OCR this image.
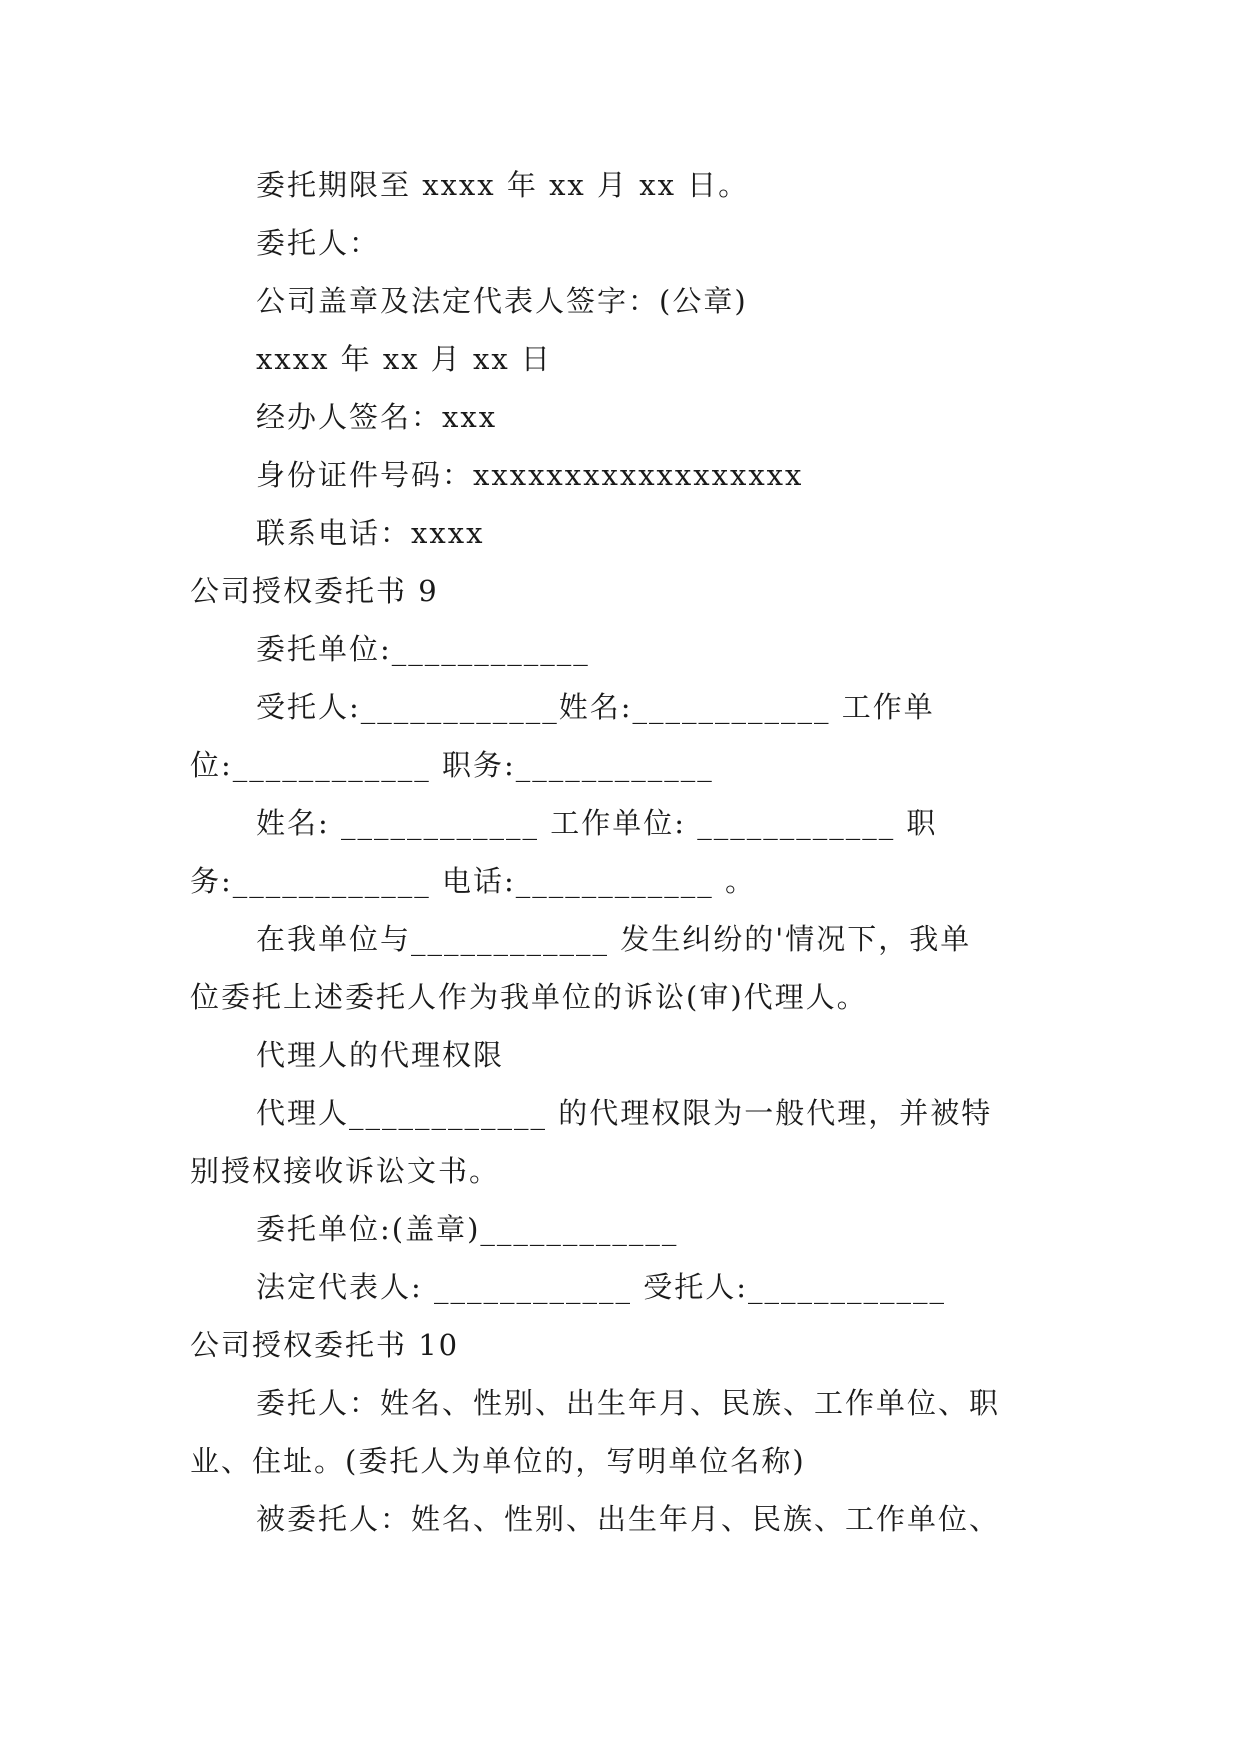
委托期限至 xxxx 年 xx 月 xx 日。
委托人：
公司盖章及法定代表人签字：(公章)
xxxx 年 xx 月 xx 日
经办人签名：xxx
身份证件号码：xxxxxxxxxxxxxxxxxx
联系电话：xxxx
公司授权委托书 9
委托单位:____________
受托人:____________姓名:____________ 工作单
位:____________ 职务:____________
姓名: ____________ 工作单位: ____________ 职
务:____________ 电话:____________ 。
在我单位与____________ 发生纠纷的'情况下，我单
位委托上述委托人作为我单位的诉讼(审)代理人。
代理人的代理权限
代理人____________ 的代理权限为一般代理，并被特
别授权接收诉讼文书。
委托单位:(盖章)____________
法定代表人: ____________ 受托人:____________
公司授权委托书 10
委托人：姓名、性别、出生年月、民族、工作单位、职
业、住址。(委托人为单位的，写明单位名称)
被委托人：姓名、性别、出生年月、民族、工作单位、
